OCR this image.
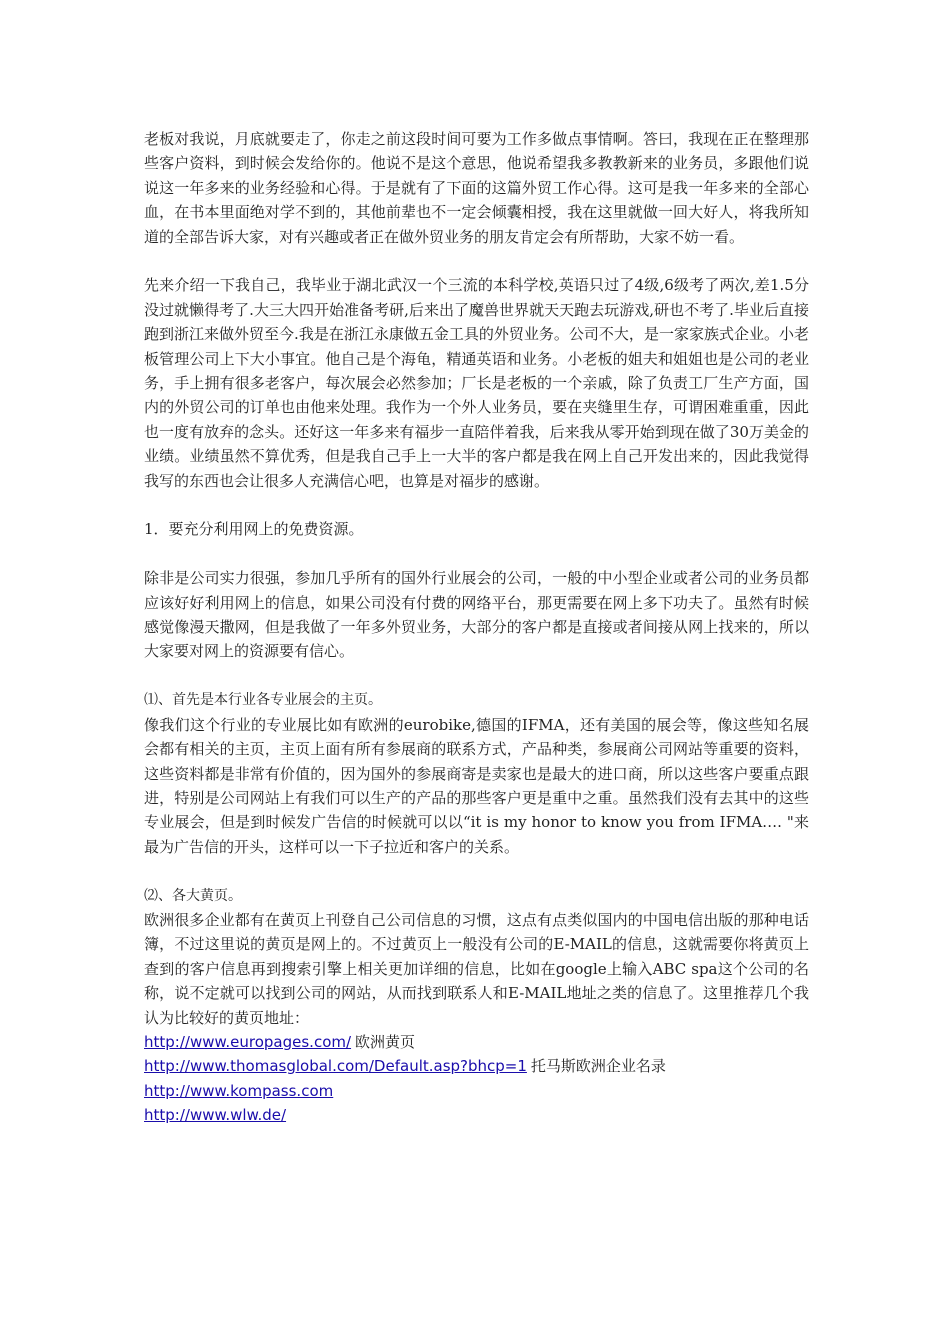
老板对我说，月底就要走了，你走之前这段时间可要为工作多做点事情啊。答曰，我现在正在整理那些客户资料，到时候会发给你的。他说不是这个意思，他说希望我多教教新来的业务员，多跟他们说说这一年多来的业务经验和心得。于是就有了下面的这篇外贸工作心得。这可是我一年多来的全部心血，在书本里面绝对学不到的，其他前辈也不一定会倾囊相授，我在这里就做一回大好人，将我所知道的全部告诉大家，对有兴趣或者正在做外贸业务的朋友肯定会有所帮助，大家不妨一看。

先来介绍一下我自己，我毕业于湖北武汉一个三流的本科学校,英语只过了4级,6级考了两次,差1.5分没过就懒得考了.大三大四开始准备考研,后来出了魔兽世界就天天跑去玩游戏,研也不考了.毕业后直接跑到浙江来做外贸至今.我是在浙江永康做五金工具的外贸业务。公司不大，是一家家族式企业。小老板管理公司上下大小事宜。他自己是个海龟，精通英语和业务。小老板的姐夫和姐姐也是公司的老业务，手上拥有很多老客户，每次展会必然参加；厂长是老板的一个亲戚，除了负责工厂生产方面，国内的外贸公司的订单也由他来处理。我作为一个外人业务员，要在夹缝里生存，可谓困难重重，因此也一度有放弃的念头。还好这一年多来有福步一直陪伴着我，后来我从零开始到现在做了30万美金的业绩。业绩虽然不算优秀，但是我自己手上一大半的客户都是我在网上自己开发出来的，因此我觉得我写的东西也会让很多人充满信心吧，也算是对福步的感谢。

1．要充分利用网上的免费资源。

除非是公司实力很强，参加几乎所有的国外行业展会的公司，一般的中小型企业或者公司的业务员都应该好好利用网上的信息，如果公司没有付费的网络平台，那更需要在网上多下功夫了。虽然有时候感觉像漫天撒网，但是我做了一年多外贸业务，大部分的客户都是直接或者间接从网上找来的，所以大家要对网上的资源要有信心。

⑴、首先是本行业各专业展会的主页。

像我们这个行业的专业展比如有欧洲的eurobike,德国的IFMA，还有美国的展会等，像这些知名展会都有相关的主页，主页上面有所有参展商的联系方式，产品种类，参展商公司网站等重要的资料，这些资料都是非常有价值的，因为国外的参展商寄是卖家也是最大的进口商，所以这些客户要重点跟进，特别是公司网站上有我们可以生产的产品的那些客户更是重中之重。虽然我们没有去其中的这些专业展会，但是到时候发广告信的时候就可以以“it is my honor to know you from IFMA…. "来最为广告信的开头，这样可以一下子拉近和客户的关系。

⑵、各大黄页。

欧洲很多企业都有在黄页上刊登自己公司信息的习惯，这点有点类似国内的中国电信出版的那种电话簿，不过这里说的黄页是网上的。不过黄页上一般没有公司的E-MAIL的信息，这就需要你将黄页上查到的客户信息再到搜索引擎上相关更加详细的信息，比如在google上输入ABC spa这个公司的名称，说不定就可以找到公司的网站，从而找到联系人和E-MAIL地址之类的信息了。这里推荐几个我认为比较好的黄页地址：

http://www.europages.com/ 欧洲黄页

http://www.thomasglobal.com/Default.asp?bhcp=1 托马斯欧洲企业名录

http://www.kompass.com

http://www.wlw.de/
